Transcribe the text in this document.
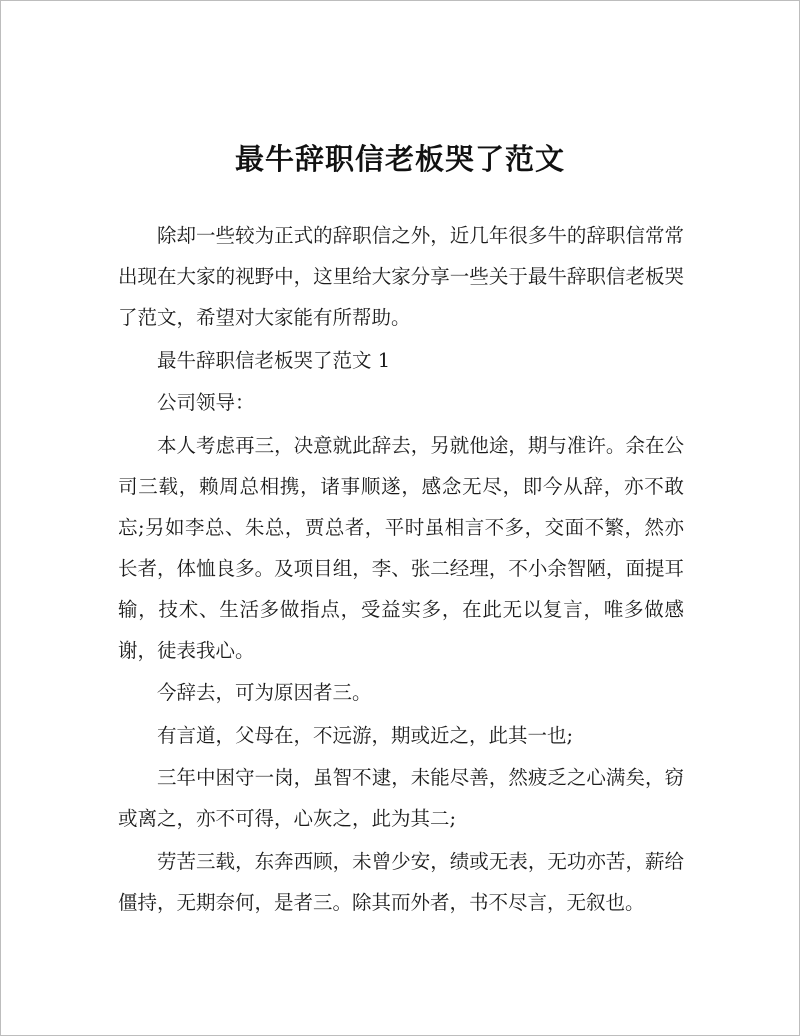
最牛辞职信老板哭了范文

除却一些较为正式的辞职信之外，近几年很多牛的辞职信常常出现在大家的视野中，这里给大家分享一些关于最牛辞职信老板哭了范文，希望对大家能有所帮助。

最牛辞职信老板哭了范文 1

公司领导：

本人考虑再三，决意就此辞去，另就他途，期与准许。余在公司三载，赖周总相携，诸事顺遂，感念无尽，即今从辞，亦不敢忘;另如李总、朱总，贾总者，平时虽相言不多，交面不繁，然亦长者，体恤良多。及项目组，李、张二经理，不小余智陋，面提耳输，技术、生活多做指点，受益实多，在此无以复言，唯多做感谢，徒表我心。

今辞去，可为原因者三。

有言道，父母在，不远游，期或近之，此其一也;

三年中困守一岗，虽智不逮，未能尽善，然疲乏之心满矣，窃或离之，亦不可得，心灰之，此为其二;

劳苦三载，东奔西顾，未曾少安，绩或无表，无功亦苦，薪给僵持，无期奈何，是者三。除其而外者，书不尽言，无叙也。
